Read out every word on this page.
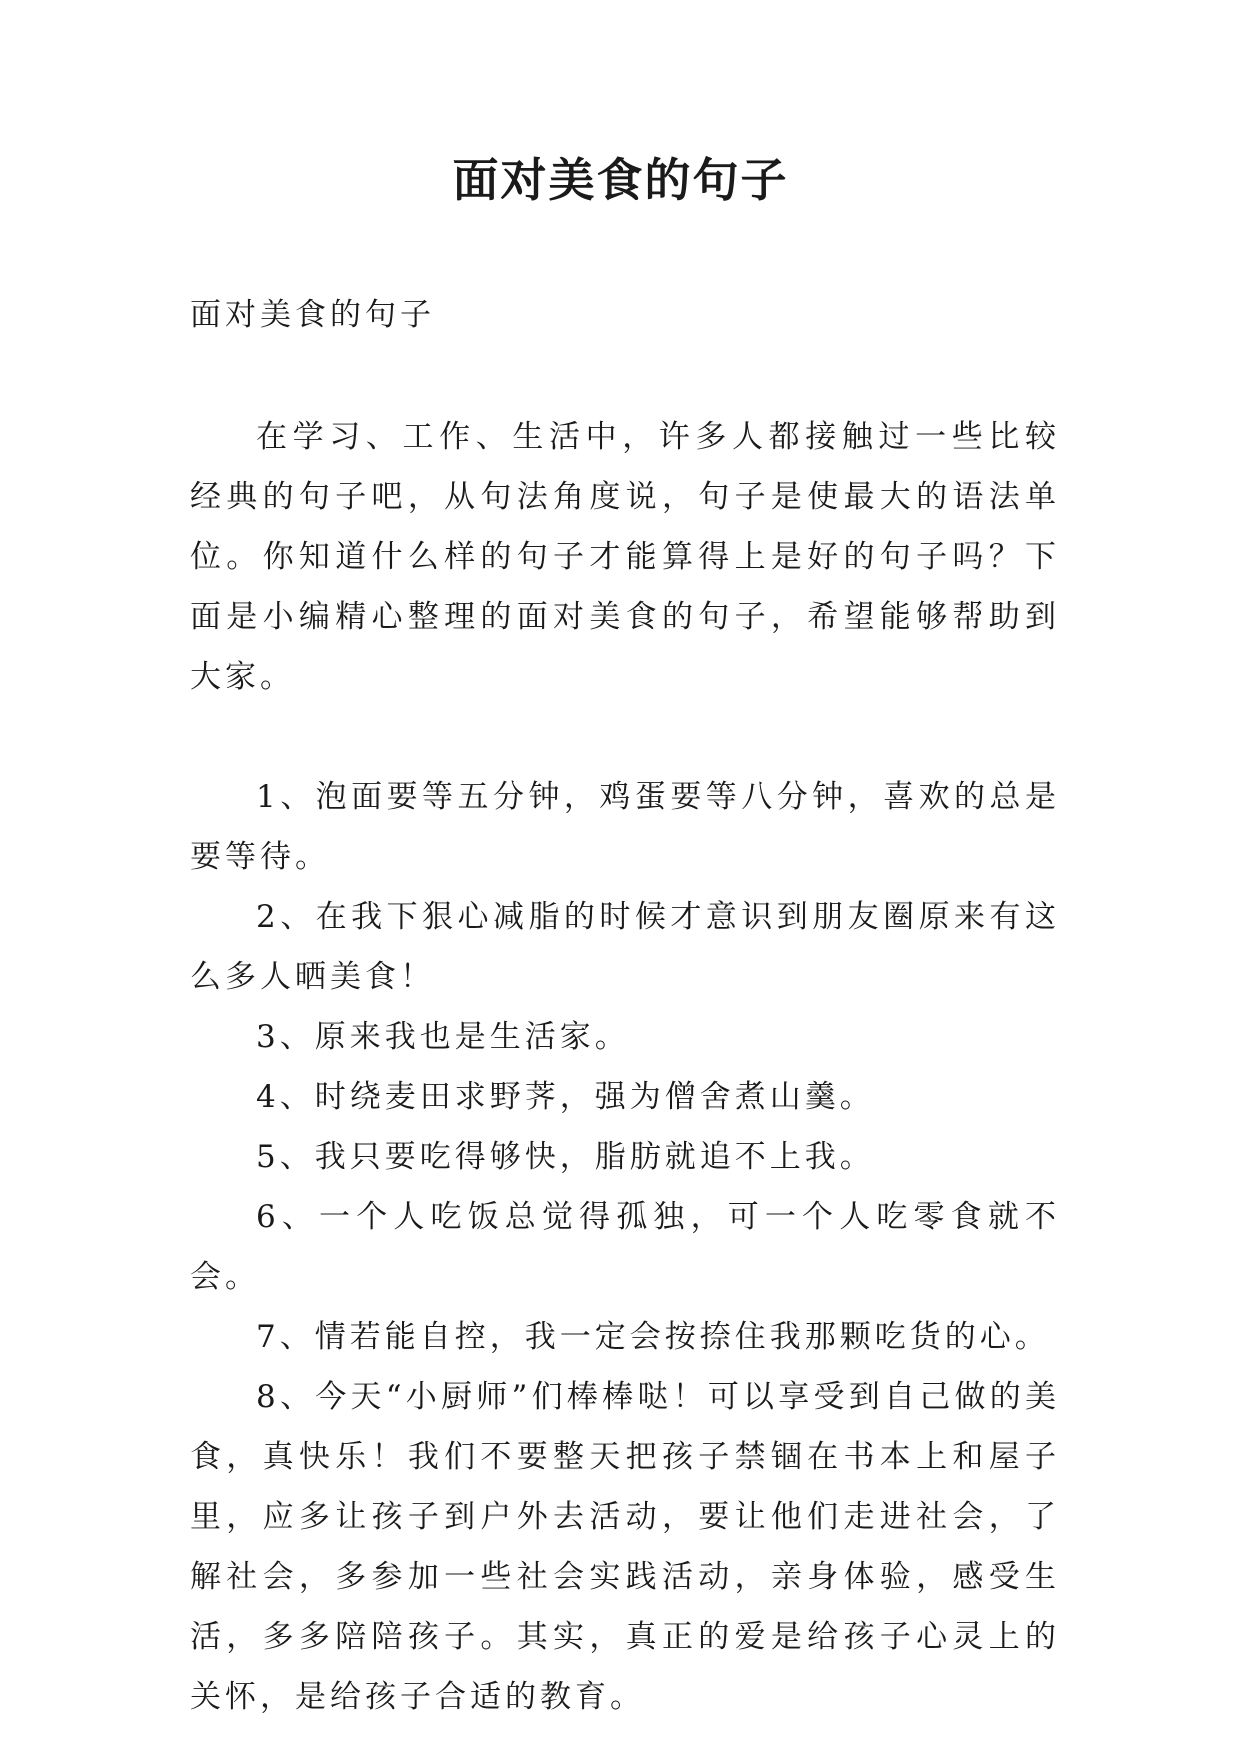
面对美食的句子

面对美食的句子

在学习、工作、生活中，许多人都接触过一些比较经典的句子吧，从句法角度说，句子是使最大的语法单位。你知道什么样的句子才能算得上是好的句子吗？下面是小编精心整理的面对美食的句子，希望能够帮助到大家。

1、泡面要等五分钟，鸡蛋要等八分钟，喜欢的总是要等待。

2、在我下狠心减脂的时候才意识到朋友圈原来有这么多人晒美食！

3、原来我也是生活家。

4、时绕麦田求野荠，强为僧舍煮山羹。

5、我只要吃得够快，脂肪就追不上我。

6、一个人吃饭总觉得孤独，可一个人吃零食就不会。

7、情若能自控，我一定会按捺住我那颗吃货的心。

8、今天“小厨师”们棒棒哒！可以享受到自己做的美食，真快乐！我们不要整天把孩子禁锢在书本上和屋子里，应多让孩子到户外去活动，要让他们走进社会，了解社会，多参加一些社会实践活动，亲身体验，感受生活，多多陪陪孩子。其实，真正的爱是给孩子心灵上的关怀，是给孩子合适的教育。
